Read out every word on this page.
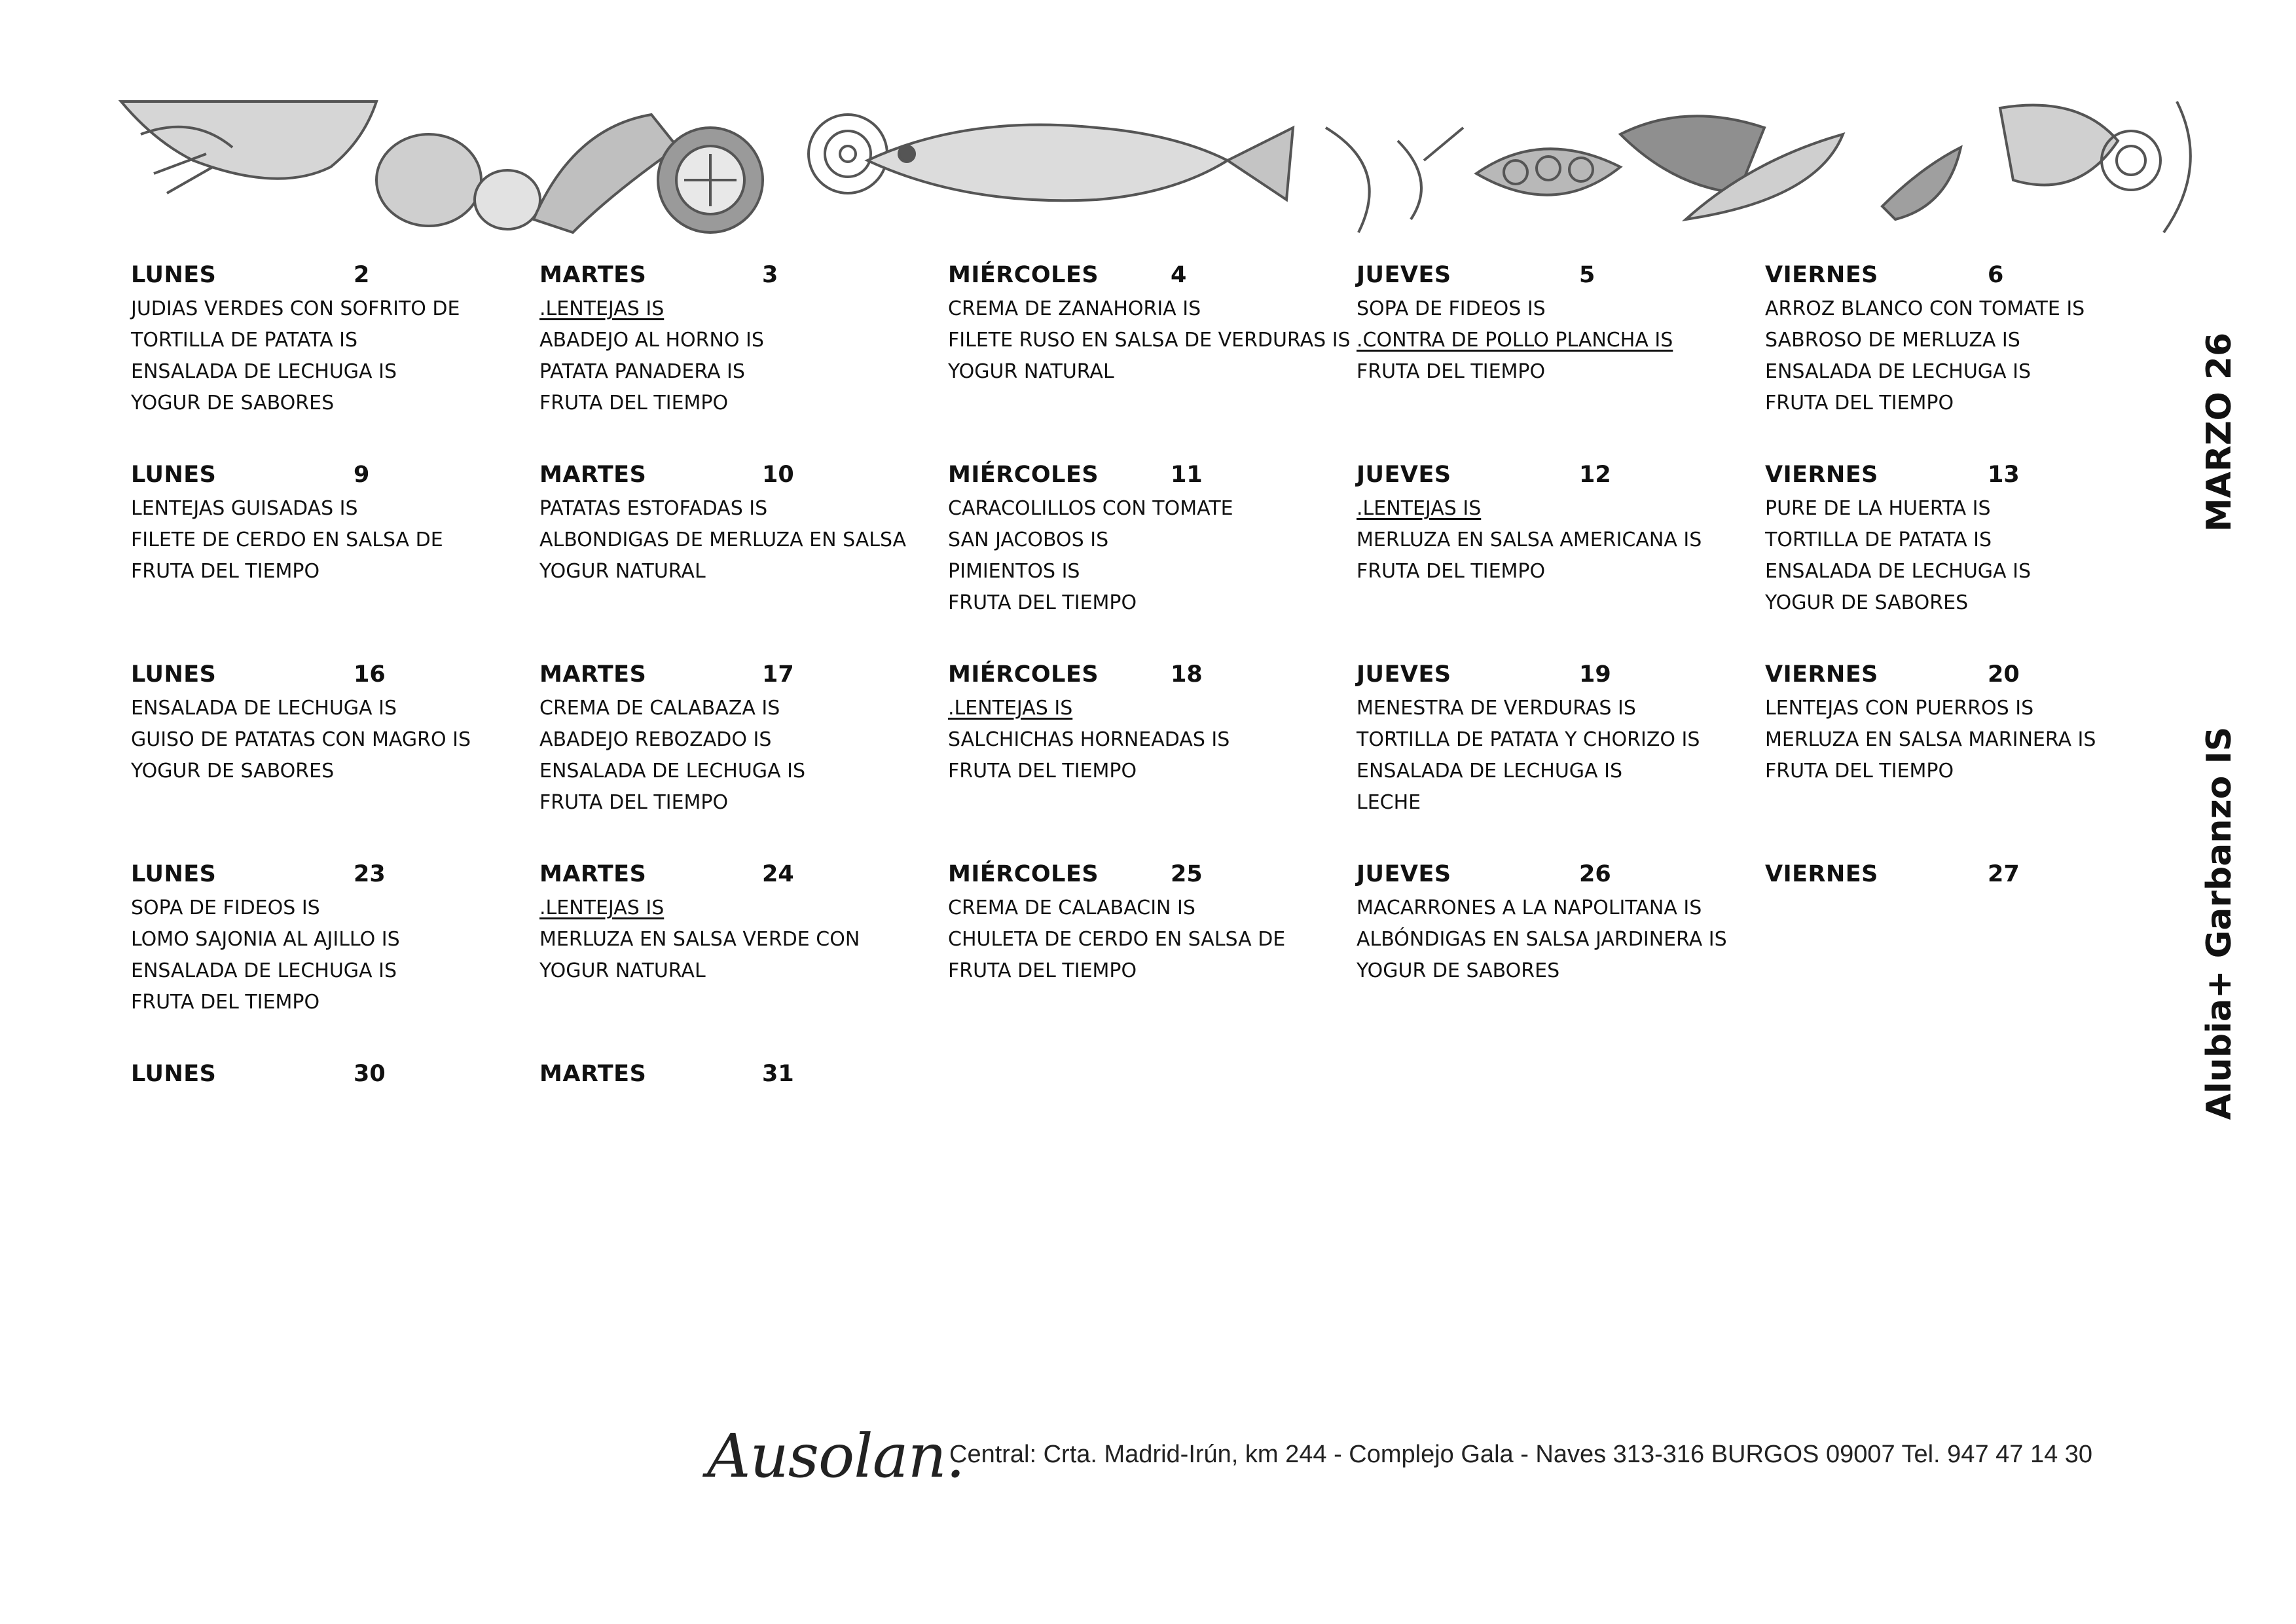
LUNES	2
JUDIAS VERDES CON SOFRITO DE
TORTILLA DE PATATA IS
ENSALADA DE LECHUGA IS
YOGUR DE SABORES
MARTES	3
.LENTEJAS IS
ABADEJO AL HORNO IS
PATATA PANADERA IS
FRUTA DEL TIEMPO
MIÉRCOLES	4
CREMA DE ZANAHORIA IS
FILETE RUSO EN SALSA DE VERDURAS IS
YOGUR NATURAL
JUEVES	5
SOPA DE FIDEOS IS
.CONTRA DE POLLO PLANCHA IS
FRUTA DEL TIEMPO
VIERNES	6
ARROZ BLANCO CON TOMATE IS
SABROSO DE MERLUZA IS
ENSALADA DE LECHUGA IS
FRUTA DEL TIEMPO
LUNES	9
LENTEJAS GUISADAS IS
FILETE DE CERDO EN SALSA DE
FRUTA DEL TIEMPO
MARTES	10
PATATAS ESTOFADAS IS
ALBONDIGAS DE MERLUZA EN SALSA
YOGUR NATURAL
MIÉRCOLES	11
CARACOLILLOS CON TOMATE
SAN JACOBOS IS
PIMIENTOS IS
FRUTA DEL TIEMPO
JUEVES	12
.LENTEJAS IS
MERLUZA EN SALSA AMERICANA IS
FRUTA DEL TIEMPO
VIERNES	13
PURE DE LA HUERTA IS
TORTILLA DE PATATA IS
ENSALADA DE LECHUGA IS
YOGUR DE SABORES
LUNES	16
ENSALADA DE LECHUGA IS
GUISO DE PATATAS CON MAGRO IS
YOGUR DE SABORES
MARTES	17
CREMA DE CALABAZA IS
ABADEJO REBOZADO IS
ENSALADA DE LECHUGA IS
FRUTA DEL TIEMPO
MIÉRCOLES	18
.LENTEJAS IS
SALCHICHAS HORNEADAS IS
FRUTA DEL TIEMPO
JUEVES	19
MENESTRA DE VERDURAS IS
TORTILLA DE PATATA Y CHORIZO IS
ENSALADA DE LECHUGA IS
LECHE
VIERNES	20
LENTEJAS CON PUERROS IS
MERLUZA EN SALSA MARINERA IS
FRUTA DEL TIEMPO
LUNES	23
SOPA DE FIDEOS IS
LOMO SAJONIA AL AJILLO IS
ENSALADA DE LECHUGA IS
FRUTA DEL TIEMPO
MARTES	24
.LENTEJAS IS
MERLUZA EN SALSA VERDE CON
YOGUR NATURAL
MIÉRCOLES	25
CREMA DE CALABACIN IS
CHULETA DE CERDO EN SALSA DE
FRUTA DEL TIEMPO
JUEVES	26
MACARRONES A LA NAPOLITANA IS
ALBÓNDIGAS EN SALSA JARDINERA IS
YOGUR DE SABORES
VIERNES	27
LUNES	30	MARTES	31
MARZO 26
Alubia+ Garbanzo IS
Ausolan.
Central: Crta. Madrid-Irún, km 244 - Complejo Gala - Naves 313-316 BURGOS 09007 Tel. 947 47 14 30
